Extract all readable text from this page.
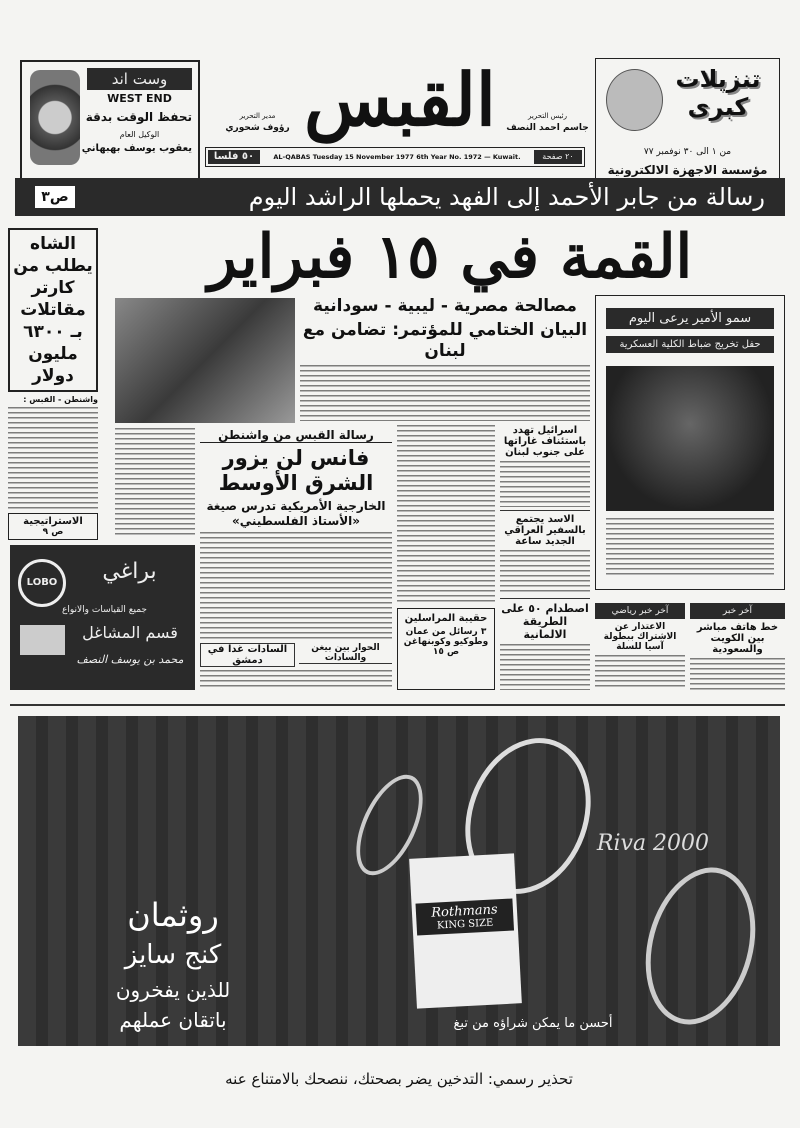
وست اند
WEST END
تحفظ الوقت بدقة
الوكيل العام
يعقوب يوسف بهبهاني
القبس
مدير التحرير
رؤوف شحوري
رئيس التحرير
جاسم احمد النصف
٢٠ صفحة
AL-QABAS Tuesday 15 November 1977 6th Year No. 1972 — Kuwait.
٥٠ فلسا
تنزيلات كبرى
من ١ الى ٣٠ نوفمبر ٧٧
مؤسسة الاجهزة الالكترونية
رسالة من جابر الأحمد إلى الفهد يحملها الراشد اليوم
ص٣
القمة في ١٥ فبراير
الشاه يطلب من كارتر مقاتلات بـ ٦٣٠٠ مليون دولار
واشنطن - القبس :
الاستراتيجية
ص ٩
مصالحة مصرية - ليبية - سودانية
البيان الختامي للمؤتمر: تضامن مع لبنان
سمو الأمير يرعى اليوم
حفل تخريج ضباط الكلية العسكرية
رسالة القبس من واشنطن
فانس لن يزور الشرق الأوسط
الخارجية الأمريكية تدرس صيغة «الأستاذ الفلسطيني»
الحوار بين بيغن والسادات
السادات غدا في دمشق
حقيبة المراسلين
٣ رسائل من عمان وطوكيو وكوبنهاغن
ص ١٥
اسرائيل تهدد باستئناف غاراتها على جنوب لبنان
الاسد يجتمع بالسفير العراقي الجديد ساعة
اصطدام ٥٠ على الطريقة الالمانية
آخر خبر رياضي
الاعتذار عن الاشتراك ببطولة آسيا للسلة
آخر خبر
خط هاتف مباشر بين الكويت والسعودية
LOBO	براغي
جميع القياسات والانواع
قسم المشاغل
محمد بن يوسف النصف
Riva 2000
Rothmans
KING SIZE
روثمان
كنج سايز
للذين يفخرون
باتقان عملهم	أحسن ما يمكن شراؤه من تبغ
تحذير رسمي: التدخين يضر بصحتك، ننصحك بالامتناع عنه
